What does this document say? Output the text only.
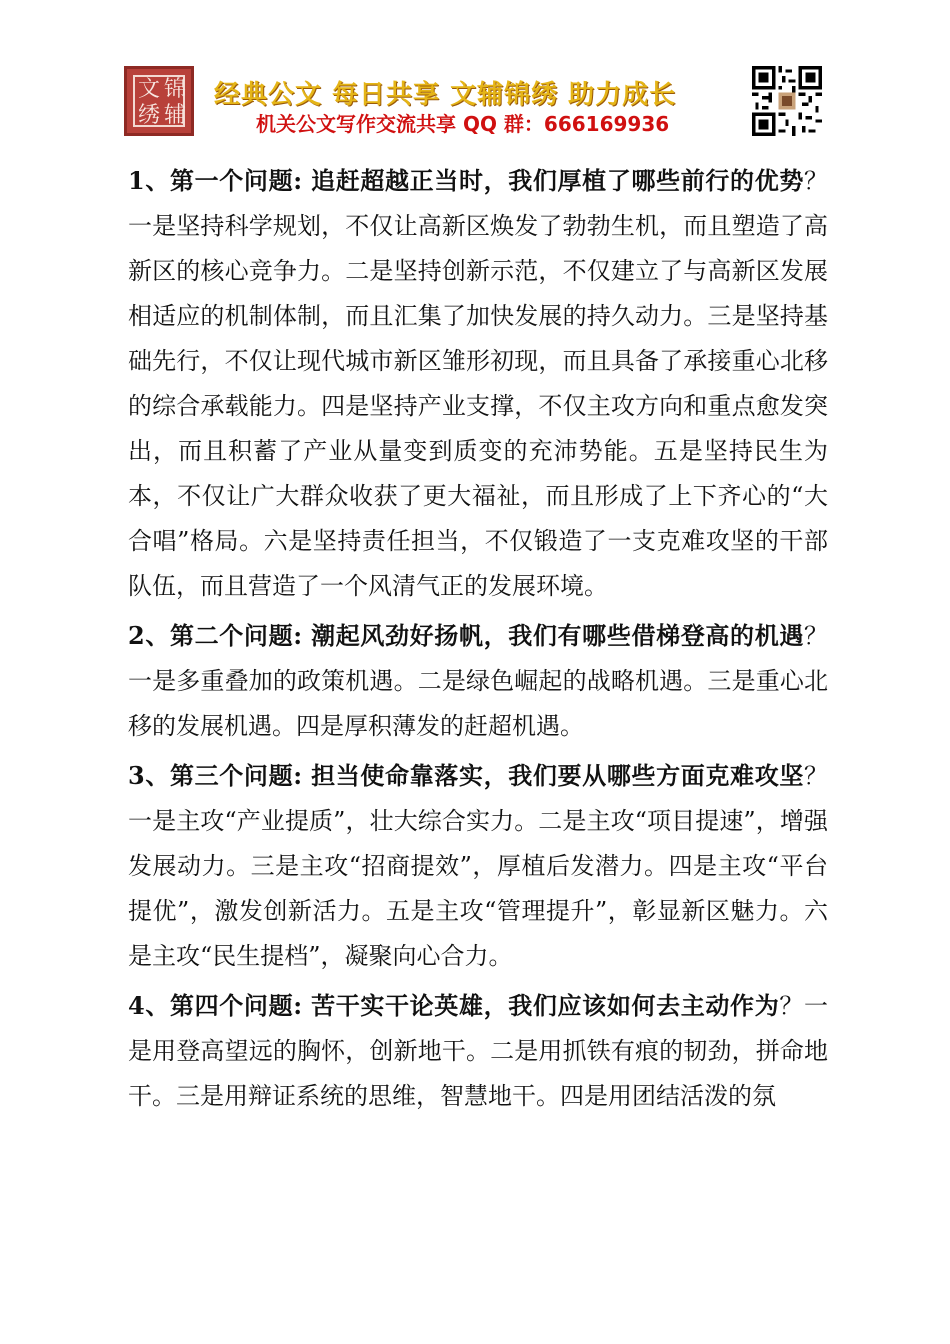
文 锦
绣 辅
经典公文 每日共享 文辅锦绣 助力成长
机关公文写作交流共享 QQ 群：666169936

1、第一个问题: 追赶超越正当时，我们厚植了哪些前行的优势？一是坚持科学规划，不仅让高新区焕发了勃勃生机，而且塑造了高新区的核心竞争力。二是坚持创新示范，不仅建立了与高新区发展相适应的机制体制，而且汇集了加快发展的持久动力。三是坚持基础先行，不仅让现代城市新区雏形初现，而且具备了承接重心北移的综合承载能力。四是坚持产业支撑，不仅主攻方向和重点愈发突出，而且积蓄了产业从量变到质变的充沛势能。五是坚持民生为本，不仅让广大群众收获了更大福祉，而且形成了上下齐心的“大合唱”格局。六是坚持责任担当，不仅锻造了一支克难攻坚的干部队伍，而且营造了一个风清气正的发展环境。

2、第二个问题: 潮起风劲好扬帆，我们有哪些借梯登高的机遇？一是多重叠加的政策机遇。二是绿色崛起的战略机遇。三是重心北移的发展机遇。四是厚积薄发的赶超机遇。

3、第三个问题: 担当使命靠落实，我们要从哪些方面克难攻坚？一是主攻“产业提质”，壮大综合实力。二是主攻“项目提速”，增强发展动力。三是主攻“招商提效”，厚植后发潜力。四是主攻“平台提优”，激发创新活力。五是主攻“管理提升”，彰显新区魅力。六是主攻“民生提档”，凝聚向心合力。

4、第四个问题: 苦干实干论英雄，我们应该如何去主动作为？一是用登高望远的胸怀，创新地干。二是用抓铁有痕的韧劲，拼命地干。三是用辩证系统的思维，智慧地干。四是用团结活泼的氛
